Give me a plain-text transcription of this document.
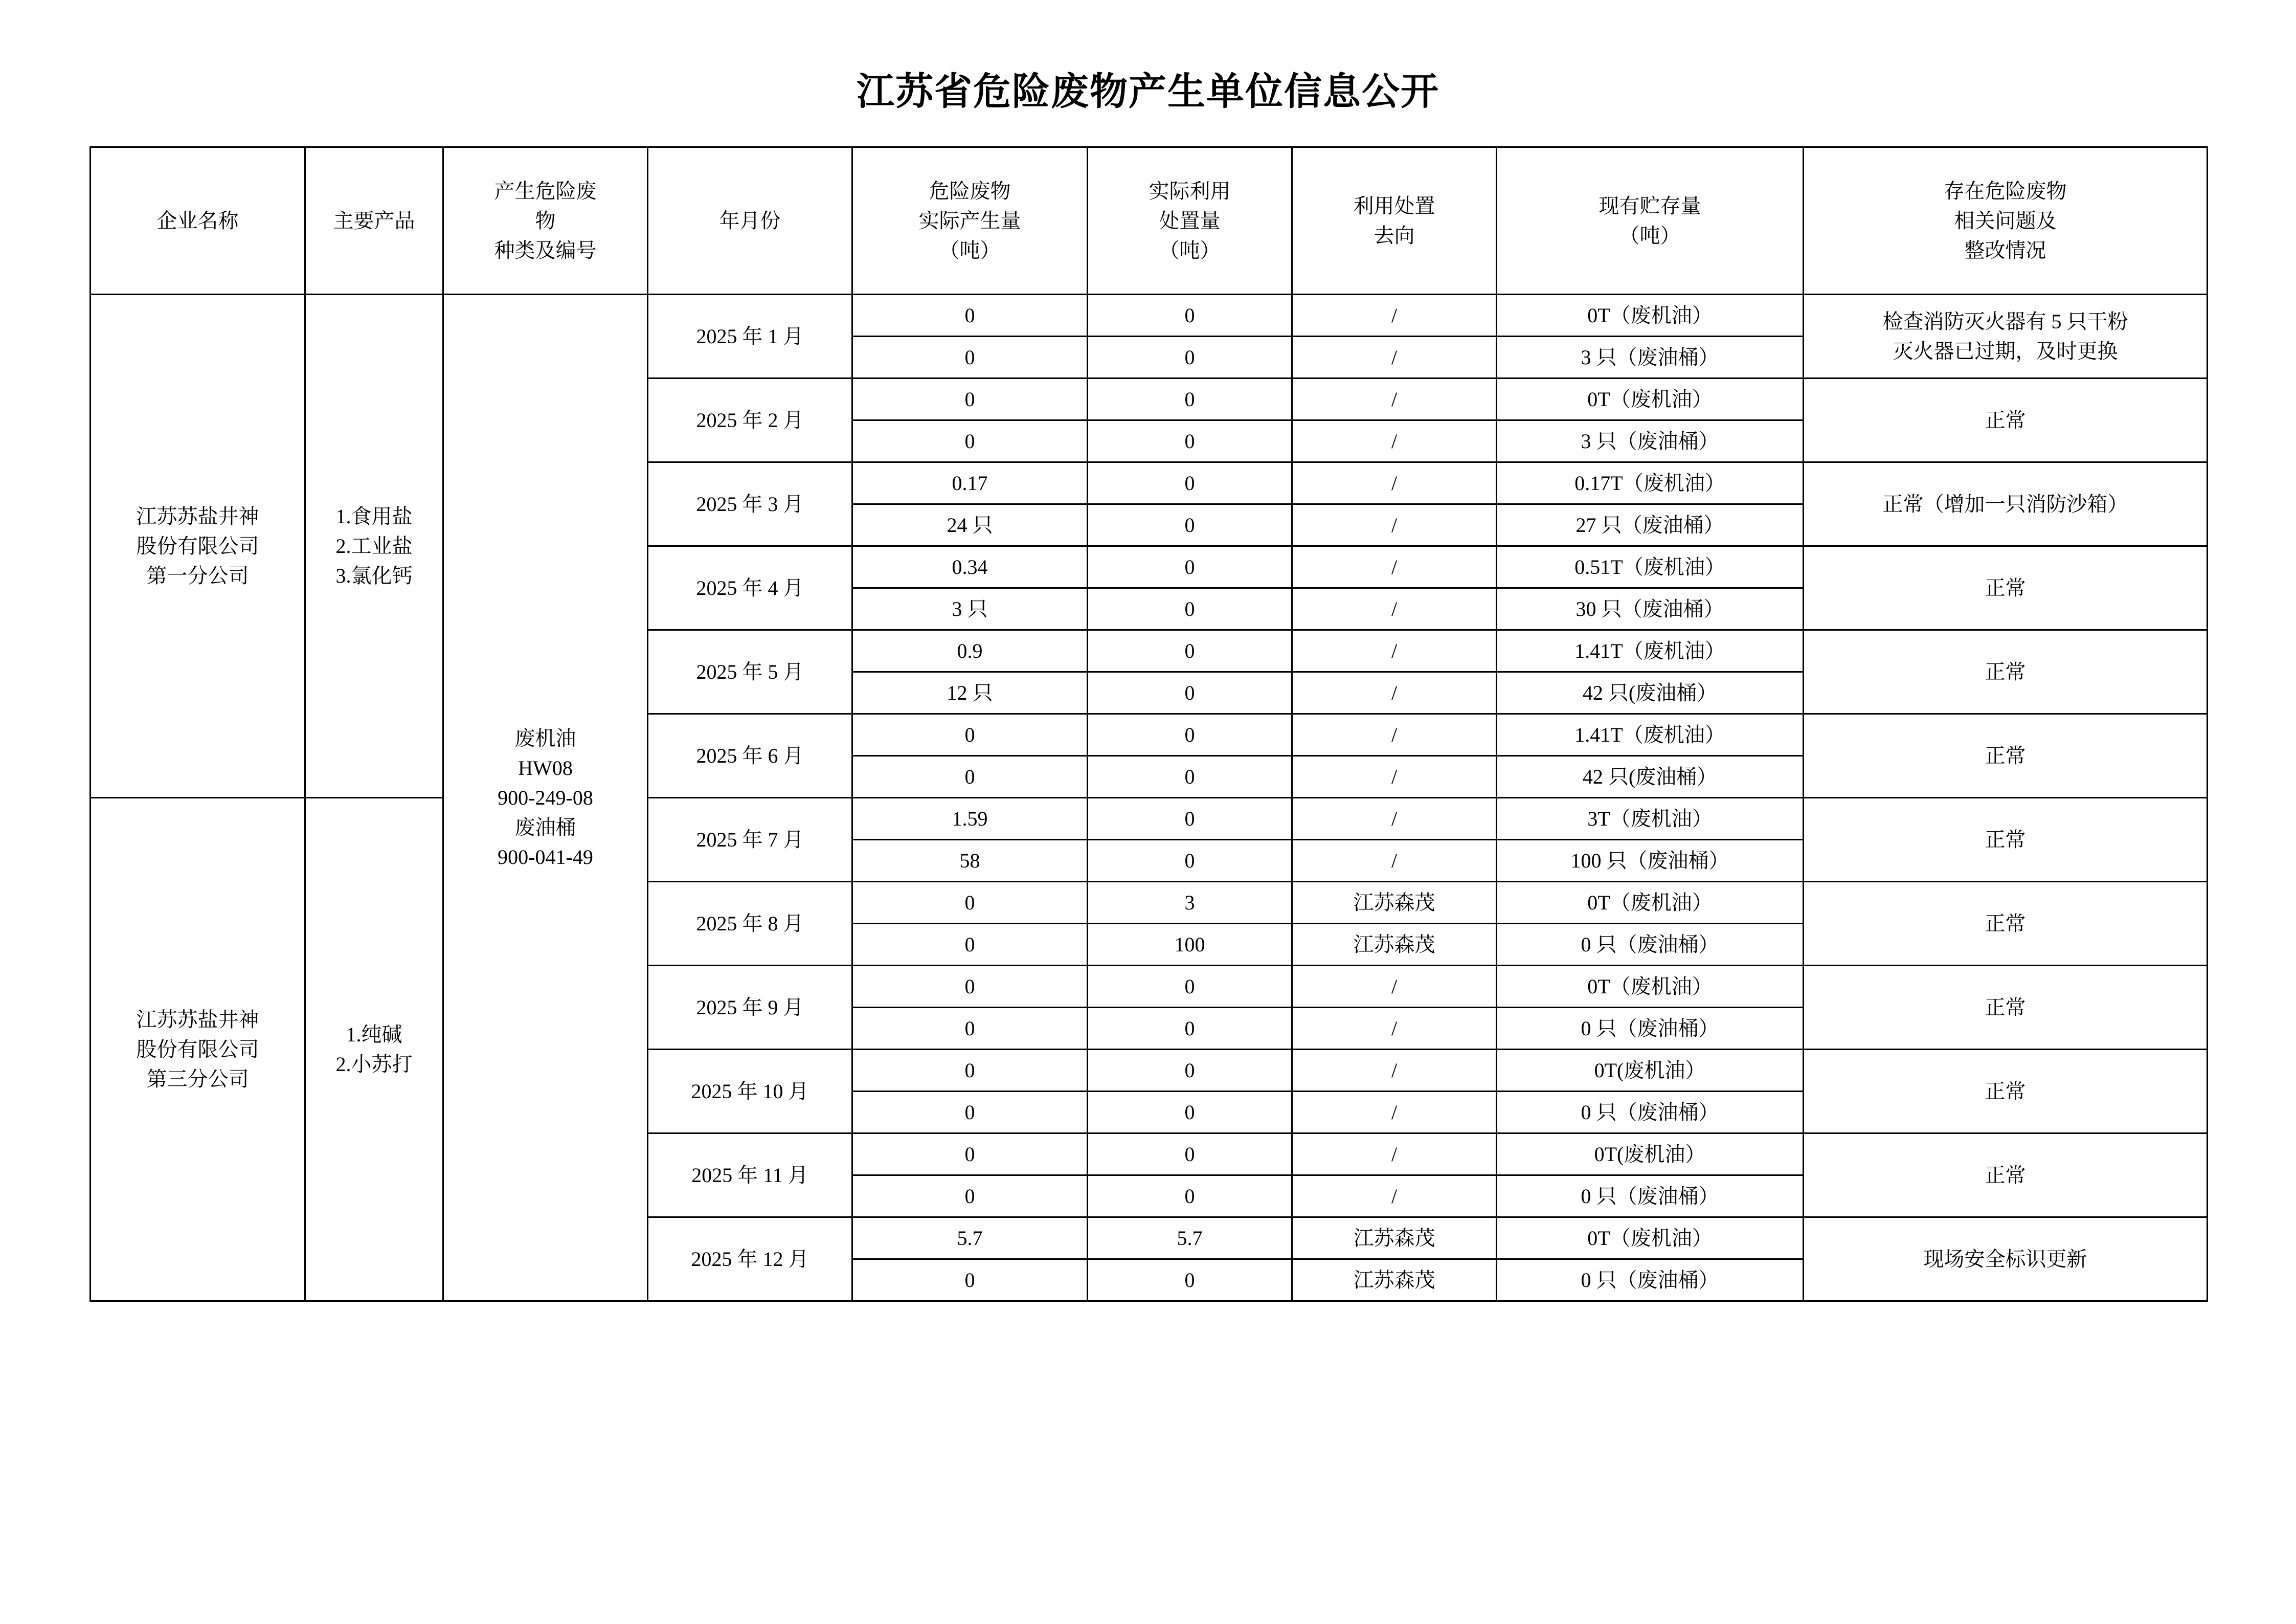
江苏省危险废物产生单位信息公开
企业名称	主要产品	产生危险废
物
种类及编号	年月份	危险废物
实际产生量
（吨）	实际利用
处置量
（吨）	利用处置
去向	现有贮存量
（吨）	存在危险废物
相关问题及
整改情况

江苏苏盐井神
股份有限公司
第一分公司	1.食用盐
2.工业盐
3.氯化钙	废机油
HW08
900-249-08
废油桶
900-041-49	2025 年 1 月	0	0	/	0T（废机油）	检查消防灭火器有 5 只干粉
灭火器已过期，及时更换

				0	0	/	3 只（废油桶）	
			2025 年 2 月	0	0	/	0T（废机油）	正常

				0	0	/	3 只（废油桶）	
			2025 年 3 月	0.17	0	/	0.17T（废机油）	正常（增加一只消防沙箱）

				24 只	0	/	27 只（废油桶）	
			2025 年 4 月	0.34	0	/	0.51T（废机油）	正常

				3 只	0	/	30 只（废油桶）	
			2025 年 5 月	0.9	0	/	1.41T（废机油）	正常

				12 只	0	/	42 只(废油桶）	
			2025 年 6 月	0	0	/	1.41T（废机油）	正常

				0	0	/	42 只(废油桶）	

江苏苏盐井神
股份有限公司
第三分公司	1.纯碱
2.小苏打		2025 年 7 月	1.59	0	/	3T（废机油）	正常

				58	0	/	100 只（废油桶）	
			2025 年 8 月	0	3	江苏森茂	0T（废机油）	正常

				0	100	江苏森茂	0 只（废油桶）	
			2025 年 9 月	0	0	/	0T（废机油）	正常

				0	0	/	0 只（废油桶）	
			2025 年 10 月	0	0	/	0T(废机油）	正常

				0	0	/	0 只（废油桶）	
			2025 年 11 月	0	0	/	0T(废机油）	正常

				0	0	/	0 只（废油桶）	
			2025 年 12 月	5.7	5.7	江苏森茂	0T（废机油）	现场安全标识更新

				0	0	江苏森茂	0 只（废油桶）	
